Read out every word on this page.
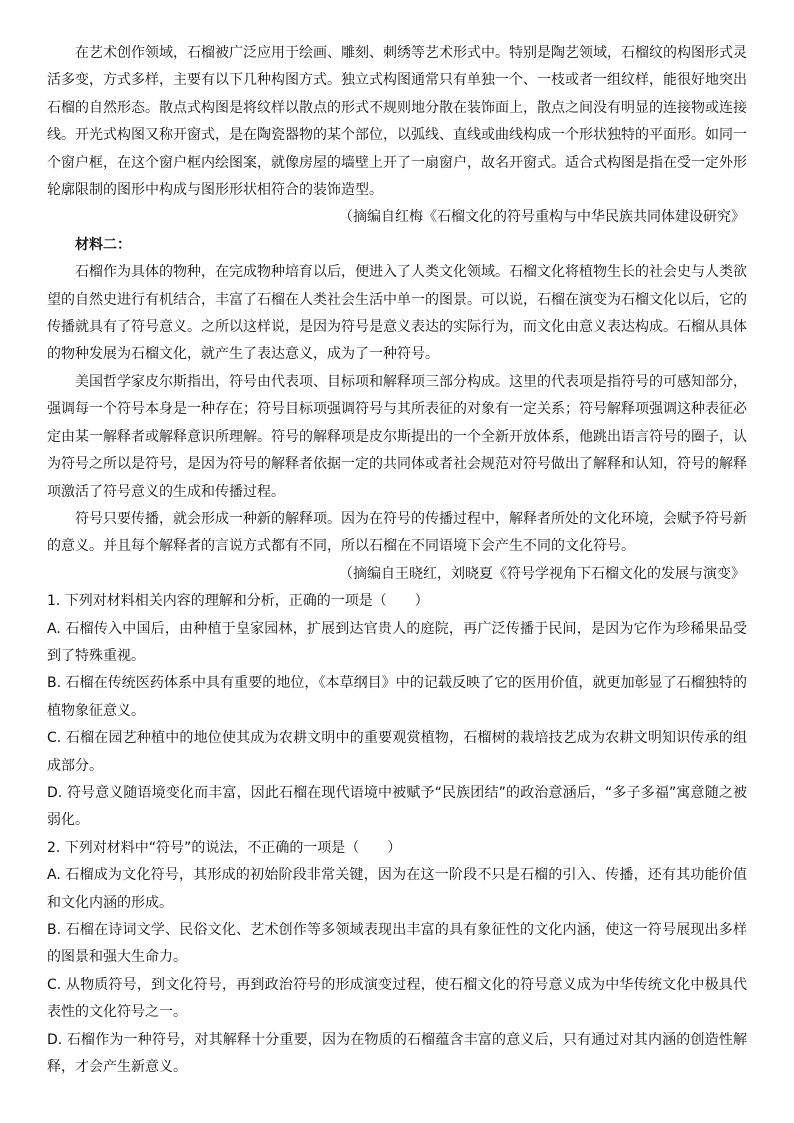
在艺术创作领域，石榴被广泛应用于绘画、雕刻、刺绣等艺术形式中。特别是陶艺领域，石榴纹的构图形式灵活多变，方式多样，主要有以下几种构图方式。独立式构图通常只有单独一个、一枝或者一组纹样，能很好地突出石榴的自然形态。散点式构图是将纹样以散点的形式不规则地分散在装饰面上，散点之间没有明显的连接物或连接线。开光式构图又称开窗式，是在陶瓷器物的某个部位，以弧线、直线或曲线构成一个形状独特的平面形。如同一个窗户框，在这个窗户框内绘图案，就像房屋的墙壁上开了一扇窗户，故名开窗式。适合式构图是指在受一定外形轮廓限制的图形中构成与图形形状相符合的装饰造型。

（摘编自红梅《石榴文化的符号重构与中华民族共同体建设研究》

材料二：

石榴作为具体的物种，在完成物种培育以后，便进入了人类文化领域。石榴文化将植物生长的社会史与人类欲望的自然史进行有机结合，丰富了石榴在人类社会生活中单一的图景。可以说，石榴在演变为石榴文化以后，它的传播就具有了符号意义。之所以这样说，是因为符号是意义表达的实际行为，而文化由意义表达构成。石榴从具体的物种发展为石榴文化，就产生了表达意义，成为了一种符号。

美国哲学家皮尔斯指出，符号由代表项、目标项和解释项三部分构成。这里的代表项是指符号的可感知部分，强调每一个符号本身是一种存在；符号目标项强调符号与其所表征的对象有一定关系；符号解释项强调这种表征必定由某一解释者或解释意识所理解。符号的解释项是皮尔斯提出的一个全新开放体系，他跳出语言符号的圈子，认为符号之所以是符号，是因为符号的解释者依据一定的共同体或者社会规范对符号做出了解释和认知，符号的解释项激活了符号意义的生成和传播过程。

符号只要传播，就会形成一种新的解释项。因为在符号的传播过程中，解释者所处的文化环境，会赋予符号新的意义。并且每个解释者的言说方式都有不同，所以石榴在不同语境下会产生不同的文化符号。

（摘编自王晓红，刘晓夏《符号学视角下石榴文化的发展与演变》

1. 下列对材料相关内容的理解和分析，正确的一项是（　　）

A. 石榴传入中国后，由种植于皇家园林，扩展到达官贵人的庭院，再广泛传播于民间，是因为它作为珍稀果品受到了特殊重视。

B. 石榴在传统医药体系中具有重要的地位，《本草纲目》中的记载反映了它的医用价值，就更加彰显了石榴独特的植物象征意义。

C. 石榴在园艺种植中的地位使其成为农耕文明中的重要观赏植物，石榴树的栽培技艺成为农耕文明知识传承的组成部分。

D. 符号意义随语境变化而丰富，因此石榴在现代语境中被赋予“民族团结”的政治意涵后，“多子多福”寓意随之被弱化。

2. 下列对材料中“符号”的说法，不正确的一项是（　　）

A. 石榴成为文化符号，其形成的初始阶段非常关键，因为在这一阶段不只是石榴的引入、传播，还有其功能价值和文化内涵的形成。

B. 石榴在诗词文学、民俗文化、艺术创作等多领域表现出丰富的具有象征性的文化内涵，使这一符号展现出多样的图景和强大生命力。

C. 从物质符号，到文化符号，再到政治符号的形成演变过程，使石榴文化的符号意义成为中华传统文化中极具代表性的文化符号之一。

D. 石榴作为一种符号，对其解释十分重要，因为在物质的石榴蕴含丰富的意义后，只有通过对其内涵的创造性解释，才会产生新意义。
